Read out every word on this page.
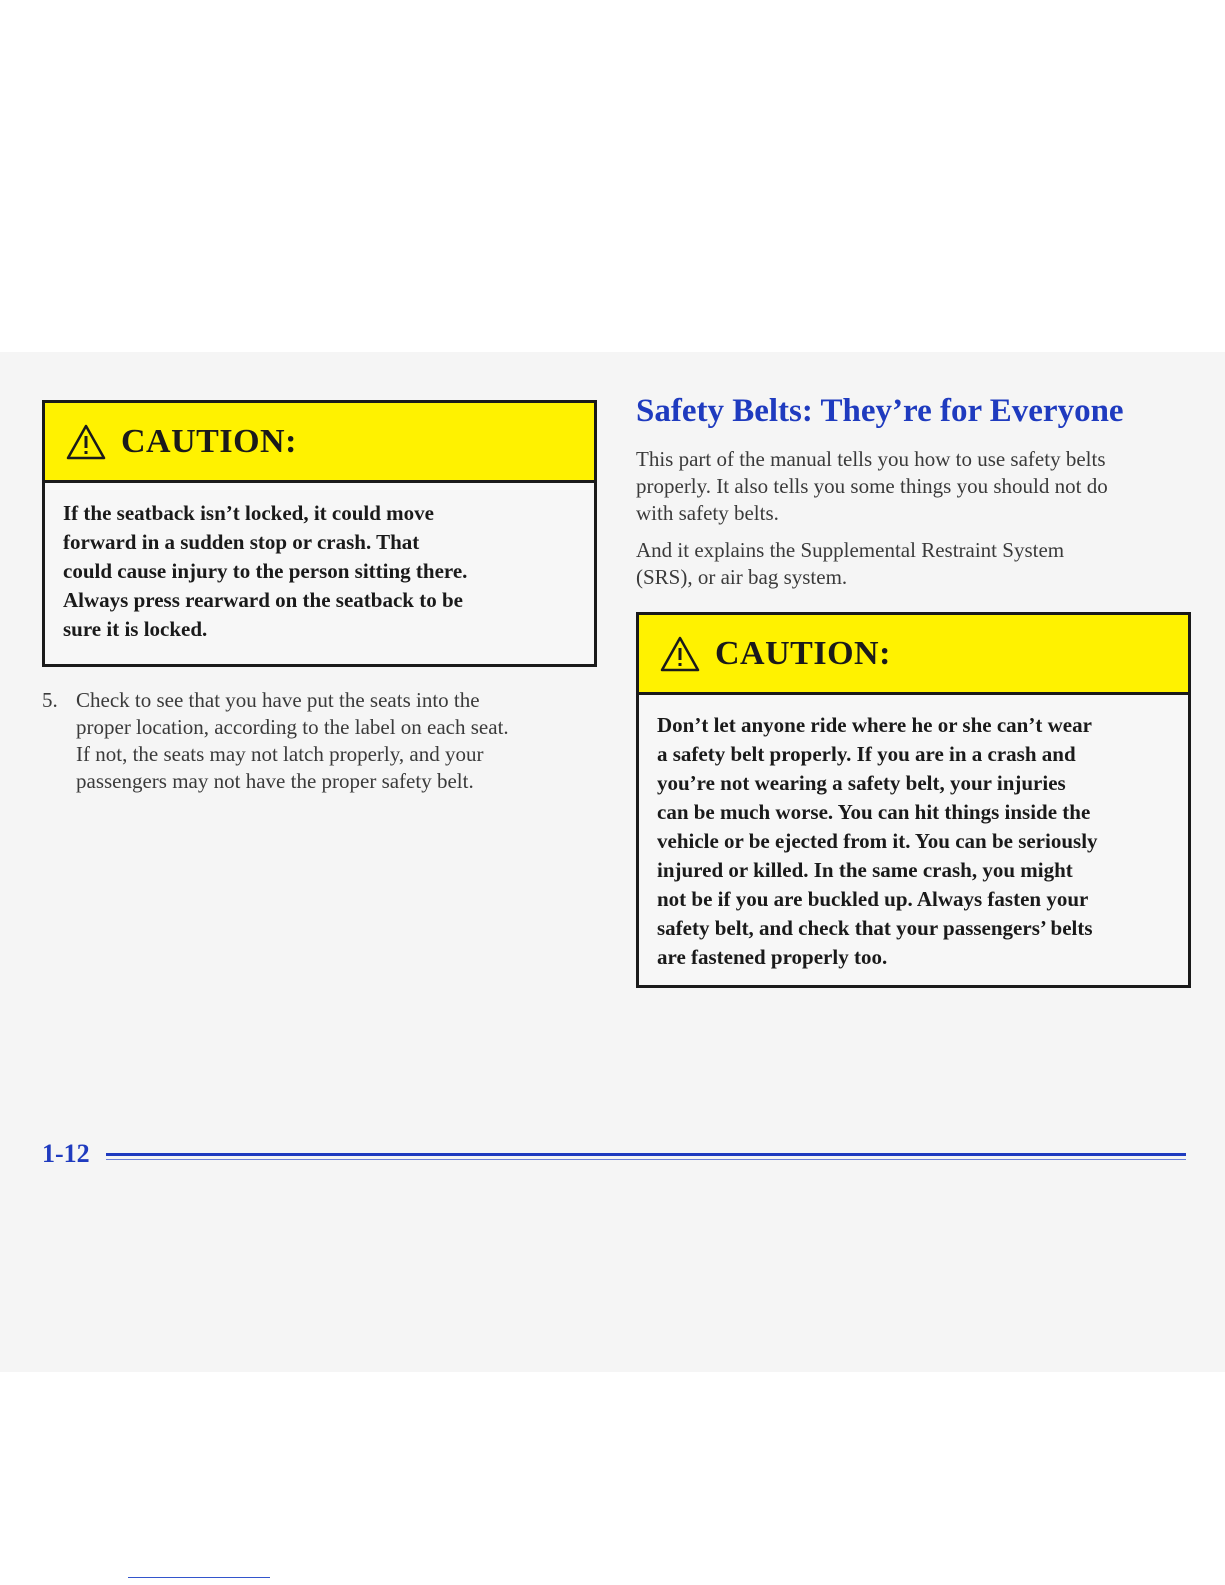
CAUTION:
If the seatback isn’t locked, it could move
forward in a sudden stop or crash. That
could cause injury to the person sitting there.
Always press rearward on the seatback to be
sure it is locked.
5. Check to see that you have put the seats into the
proper location, according to the label on each seat.
If not, the seats may not latch properly, and your
passengers may not have the proper safety belt.
Safety Belts: They’re for Everyone
This part of the manual tells you how to use safety belts
properly. It also tells you some things you should not do
with safety belts.
And it explains the Supplemental Restraint System
(SRS), or air bag system.
CAUTION:
Don’t let anyone ride where he or she can’t wear
a safety belt properly. If you are in a crash and
you’re not wearing a safety belt, your injuries
can be much worse. You can hit things inside the
vehicle or be ejected from it. You can be seriously
injured or killed. In the same crash, you might
not be if you are buckled up. Always fasten your
safety belt, and check that your passengers’ belts
are fastened properly too.
1-12
